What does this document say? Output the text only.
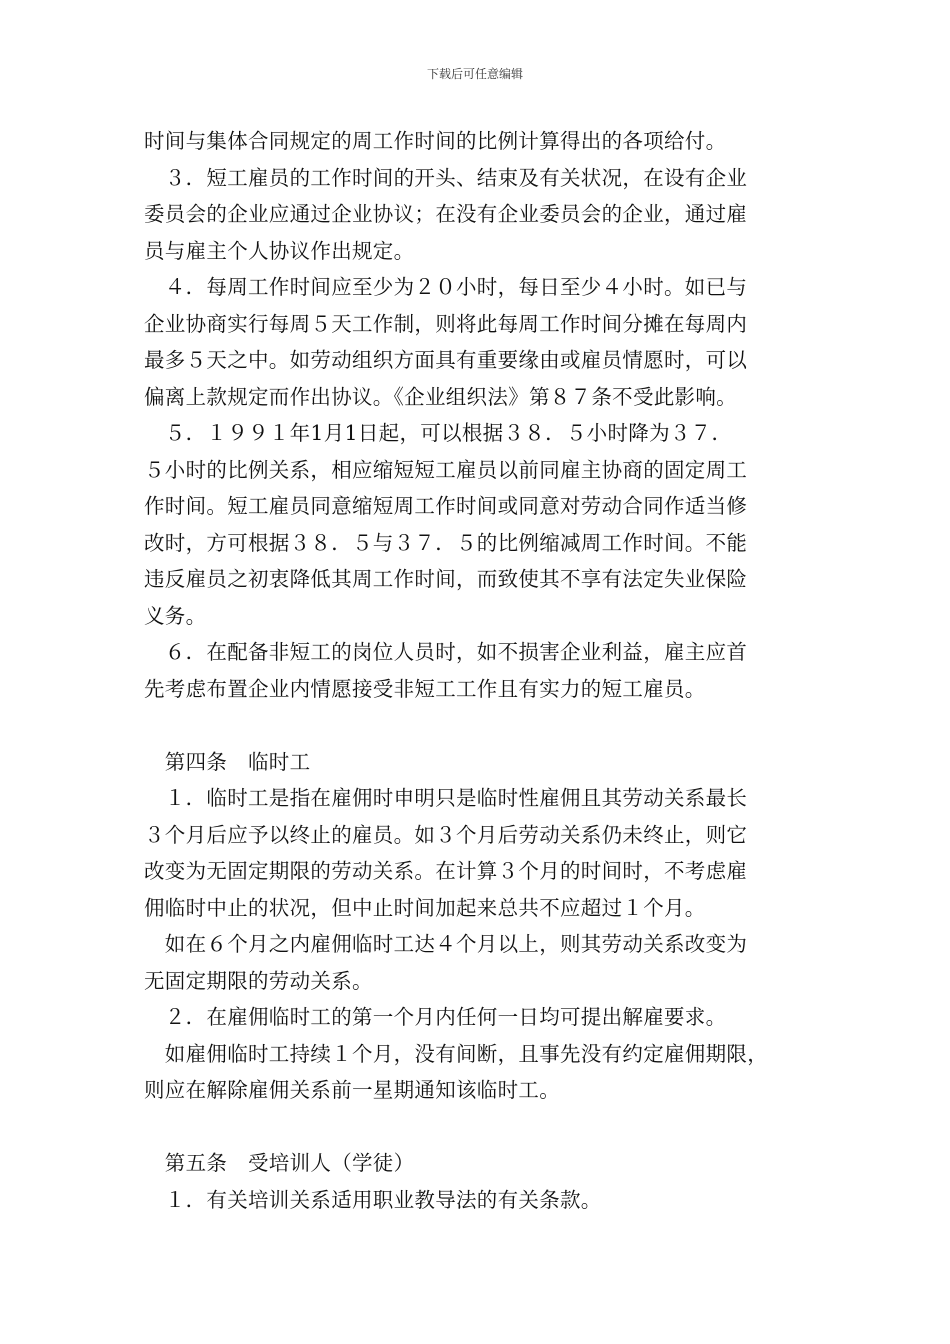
下载后可任意编辑
时间与集体合同规定的周工作时间的比例计算得出的各项给付。
　３．短工雇员的工作时间的开头、结束及有关状况，在设有企业
委员会的企业应通过企业协议；在没有企业委员会的企业，通过雇
员与雇主个人协议作出规定。
　４．每周工作时间应至少为２０小时，每日至少４小时。如已与
企业协商实行每周５天工作制，则将此每周工作时间分摊在每周内
最多５天之中。如劳动组织方面具有重要缘由或雇员情愿时，可以
偏离上款规定而作出协议。《企业组织法》第８７条不受此影响。
　５．１９９１年1月1日起，可以根据３８．５小时降为３７．
５小时的比例关系，相应缩短短工雇员以前同雇主协商的固定周工
作时间。短工雇员同意缩短周工作时间或同意对劳动合同作适当修
改时，方可根据３８．５与３７．５的比例缩减周工作时间。不能
违反雇员之初衷降低其周工作时间，而致使其不享有法定失业保险
义务。
　６．在配备非短工的岗位人员时，如不损害企业利益，雇主应首
先考虑布置企业内情愿接受非短工工作且有实力的短工雇员。
　第四条　临时工
　１．临时工是指在雇佣时申明只是临时性雇佣且其劳动关系最长
３个月后应予以终止的雇员。如３个月后劳动关系仍未终止，则它
改变为无固定期限的劳动关系。在计算３个月的时间时，不考虑雇
佣临时中止的状况，但中止时间加起来总共不应超过１个月。
　如在６个月之内雇佣临时工达４个月以上，则其劳动关系改变为
无固定期限的劳动关系。
　２．在雇佣临时工的第一个月内任何一日均可提出解雇要求。
　如雇佣临时工持续１个月，没有间断，且事先没有约定雇佣期限，
则应在解除雇佣关系前一星期通知该临时工。
　第五条　受培训人（学徒）
　１．有关培训关系适用职业教导法的有关条款。
